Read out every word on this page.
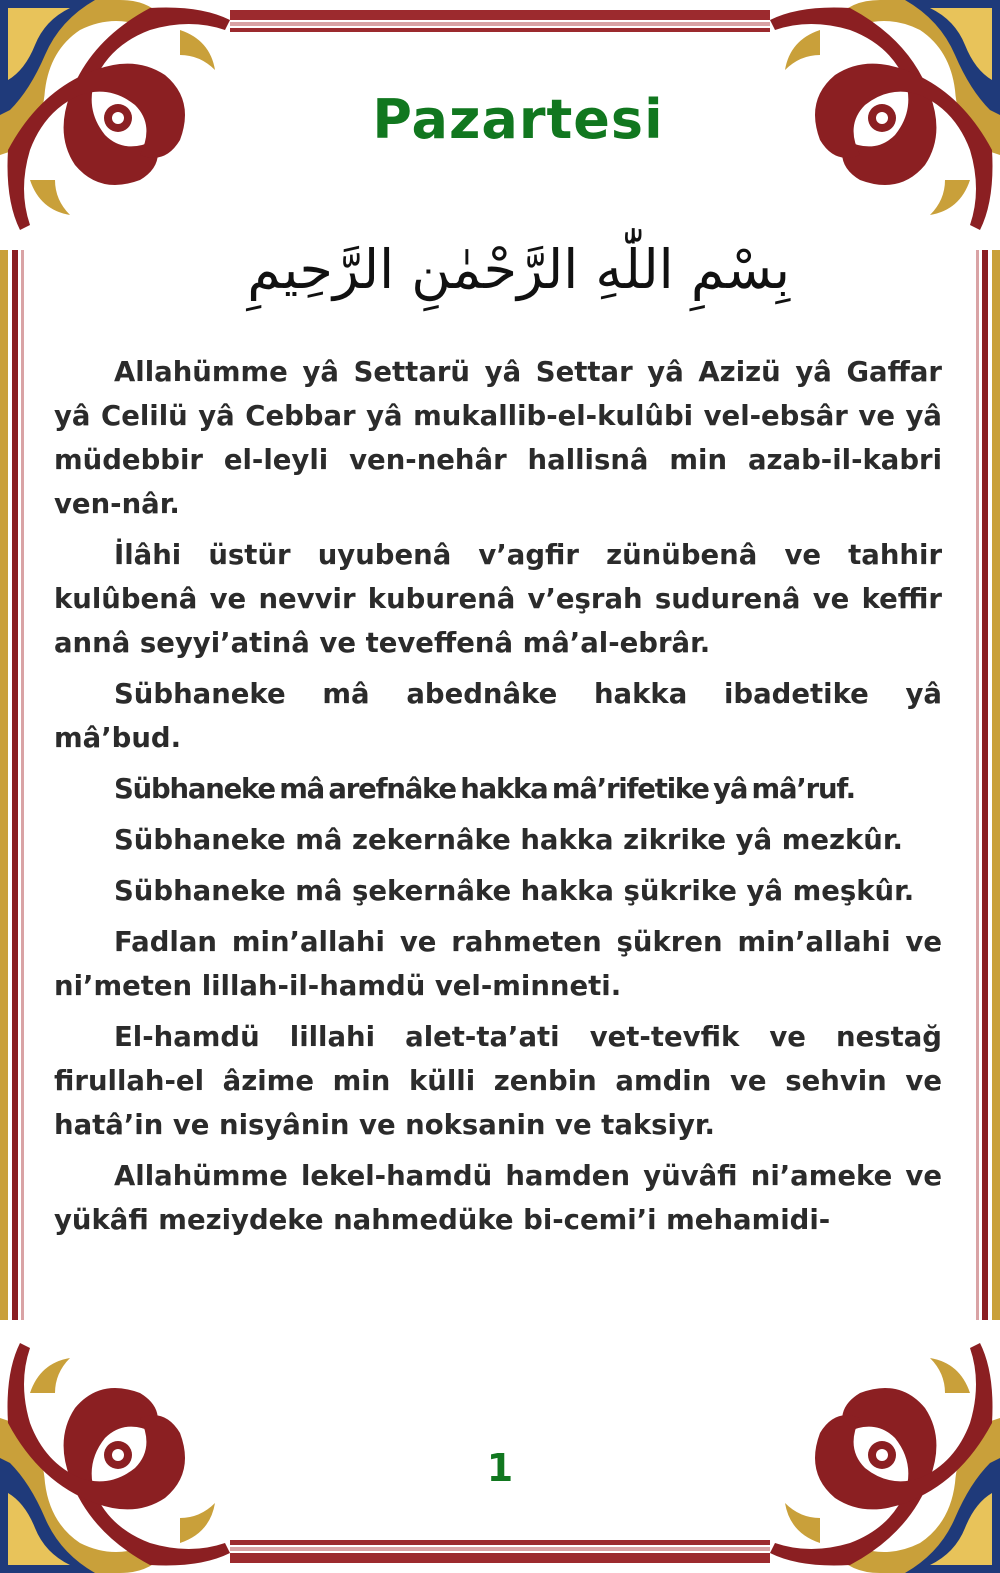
Pazartesi
بِسْمِ اللّٰهِ الرَّحْمٰنِ الرَّحِيمِ

Allahümme yâ Settarü yâ Settar yâ Azizü yâ Gaffar yâ Celilü yâ Cebbar yâ mukallib-el-kulûbi vel-ebsâr ve yâ müdebbir el-leyli ven-nehâr hallisnâ min azab-il-kabri ven-nâr.

İlâhi üstür uyubenâ v’agfir zünübenâ ve tahhir kulûbenâ ve nevvir kuburenâ v’eşrah sudurenâ ve keffir annâ seyyi’atinâ ve teveffenâ mâ’al-ebrâr.

Sübhaneke mâ abednâke hakka ibadetike yâ mâ’bud.

Sübhaneke mâ arefnâke hakka mâ’rifetike yâ mâ’ruf.

Sübhaneke mâ zekernâke hakka zikrike yâ mezkûr.

Sübhaneke mâ şekernâke hakka şükrike yâ meşkûr.

Fadlan min’allahi ve rahmeten şükren min’allahi ve ni’meten lillah-il-hamdü vel-minneti.

El-hamdü lillahi alet-ta’ati vet-tevfik ve nestağ firullah-el âzime min külli zenbin amdin ve sehvin ve hatâ’in ve nisyânin ve noksanin ve taksiyr.

Allahümme lekel-hamdü hamden yüvâfi ni’ameke ve yükâfi meziydeke nahmedüke bi-cemi’i mehamidi-

1
